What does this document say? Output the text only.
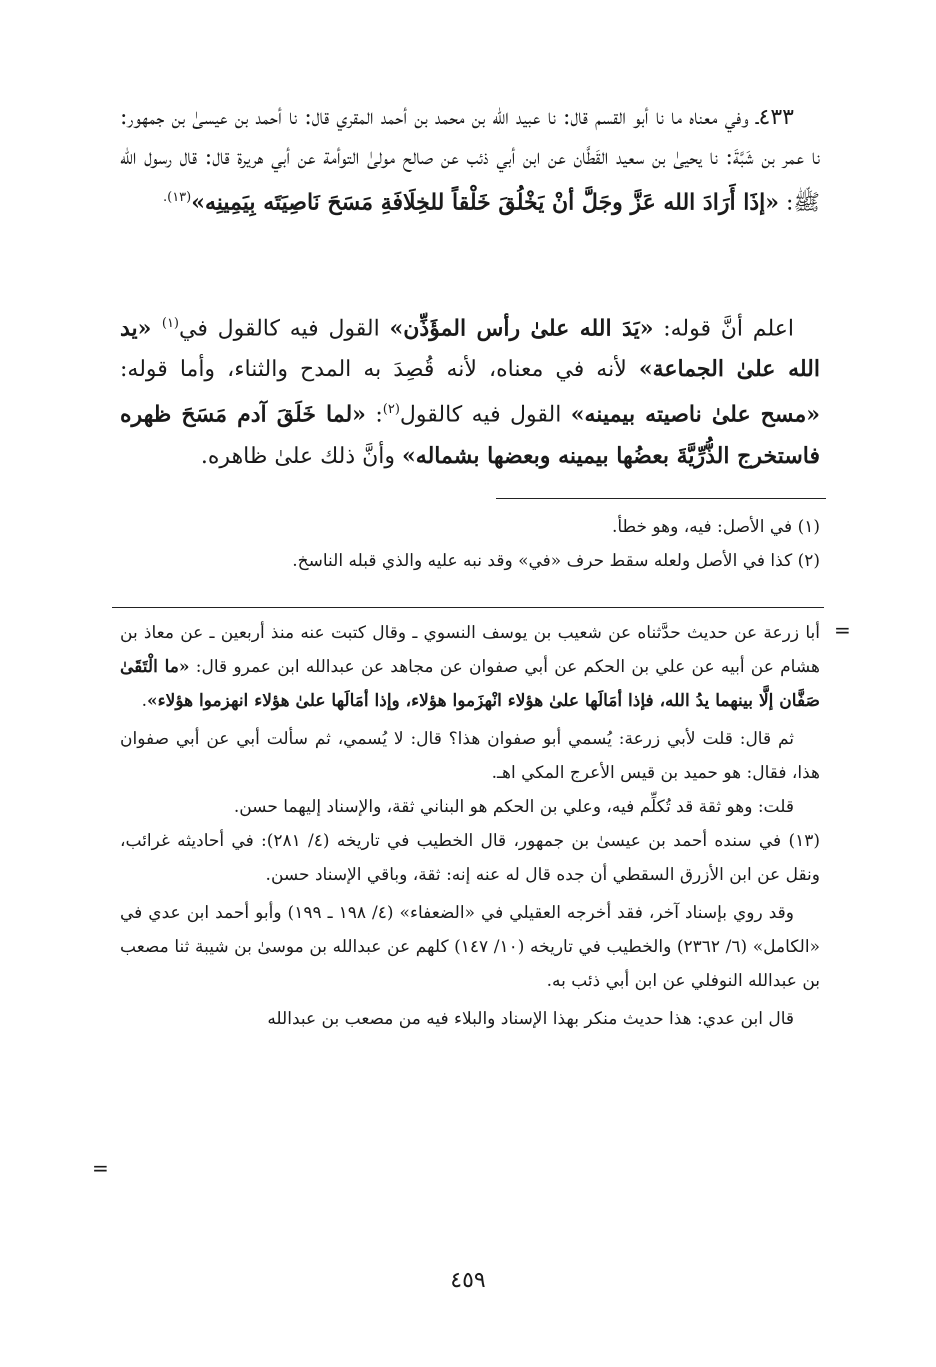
٤٣٣ـ وفي معناه ما نا أبو القسم قال: نا عبيد الله بن محمد بن أحمد المقري قال: نا أحمد بن عيسىٰ بن جمهور: نا عمر بن شَبَّةَ: نا يحيىٰ بن سعيد القَطَّان عن ابن أبي ذئب عن صالح مولىٰ التوأمة عن أبي هريرة قال: قال رسول الله ﷺ: «إذَا أَرَادَ الله عَزَّ وجَلَّ أنْ يَخْلُقَ خَلْقاً للخِلَافَةِ مَسَحَ نَاصِيَتَه بِيَمِينِه»$^{(١٣).}$

اعلم أنَّ قوله: «يَدَ الله علىٰ رأس المؤَذِّن» القول فيه كالقول في$^{(١)}$ «يد الله علىٰ الجماعة» لأنه في معناه، لأنه قُصِدَ به المدح والثناء، وأما قوله: «مسح علىٰ ناصيته بيمينه» القول فيه كالقول$^{(٢)}$: «لما خَلَقَ آدم مَسَحَ ظهره فاستخرج الذُّرِّيَّةَ بعضُها بيمينه وبعضها بشماله» وأنَّ ذلك علىٰ ظاهره.

(١) في الأصل: فيه، وهو خطأ.

(٢) كذا في الأصل ولعله سقط حرف «في» وقد نبه عليه والذي قبله الناسخ.

=

أبا زرعة عن حديث حدَّثناه عن شعيب بن يوسف النسوي ـ وقال كتبت عنه منذ أربعين ـ عن معاذ بن هشام عن أبيه عن علي بن الحكم عن أبي صفوان عن مجاهد عن عبدالله ابن عمرو قال: «ما الْتَقَىٰ صَفَّان إلَّا بينهما يدُ الله، فإذا أمَالَها علىٰ هؤلاء انْهزَموا هؤلاء، وإذا أمَالَها علىٰ هؤلاء انهزموا هؤلاء».

ثم قال: قلت لأبي زرعة: يُسمي أبو صفوان هذا؟ قال: لا يُسمي، ثم سألت أبي عن أبي صفوان هذا، فقال: هو حميد بن قيس الأعرج المكي اهـ.

قلت: وهو ثقة قد تُكلِّم فيه، وعلي بن الحكم هو البناني ثقة، والإسناد إليهما حسن.

(١٣) في سنده أحمد بن عيسىٰ بن جمهور، قال الخطيب في تاريخه (٤/ ٢٨١): في أحاديثه غرائب، ونقل عن ابن الأزرق السقطي أن جده قال له عنه إنه: ثقة، وباقي الإسناد حسن.

وقد روي بإسناد آخر، فقد أخرجه العقيلي في «الضعفاء» (٤/ ١٩٨ ـ ١٩٩) وأبو أحمد ابن عدي في «الكامل» (٦/ ٢٣٦٢) والخطيب في تاريخه (١٠/ ١٤٧) كلهم عن عبدالله بن موسىٰ بن شيبة ثنا مصعب بن عبدالله النوفلي عن ابن أبي ذئب به.

قال ابن عدي: هذا حديث منكر بهذا الإسناد والبلاء فيه من مصعب بن عبدالله

=
٤٥٩
